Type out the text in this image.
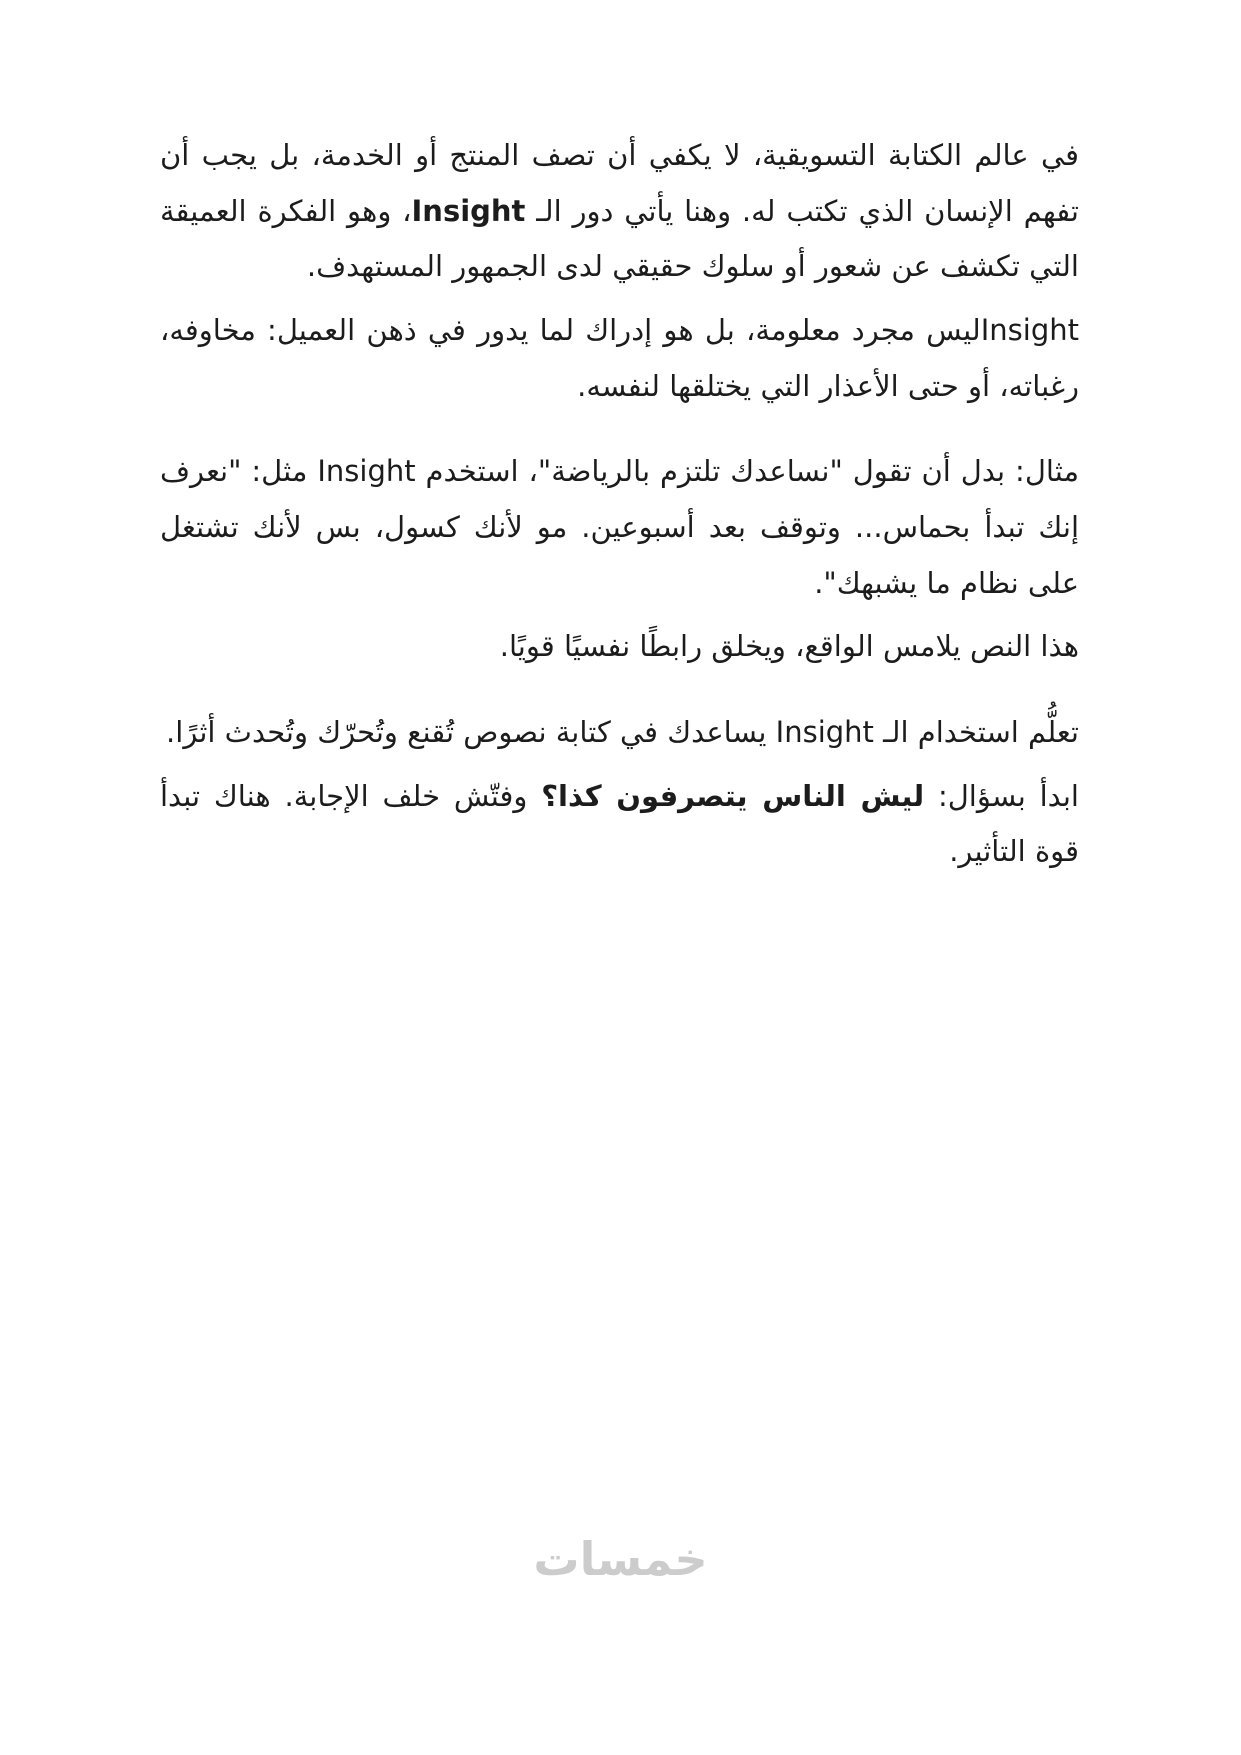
في عالم الكتابة التسويقية، لا يكفي أن تصف المنتج أو الخدمة، بل يجب أن تفهم الإنسان الذي تكتب له. وهنا يأتي دور الـ Insight، وهو الفكرة العميقة التي تكشف عن شعور أو سلوك حقيقي لدى الجمهور المستهدف.

Insightليس مجرد معلومة، بل هو إدراك لما يدور في ذهن العميل: مخاوفه، رغباته، أو حتى الأعذار التي يختلقها لنفسه.

مثال: بدل أن تقول "نساعدك تلتزم بالرياضة"، استخدم Insight مثل: "نعرف إنك تبدأ بحماس... وتوقف بعد أسبوعين. مو لأنك كسول، بس لأنك تشتغل على نظام ما يشبهك".

هذا النص يلامس الواقع، ويخلق رابطًا نفسيًا قويًا.

تعلُّم استخدام الـ Insight يساعدك في كتابة نصوص تُقنع وتُحرّك وتُحدث أثرًا.

ابدأ بسؤال: ليش الناس يتصرفون كذا؟ وفتّش خلف الإجابة. هناك تبدأ قوة التأثير.

خمسات
